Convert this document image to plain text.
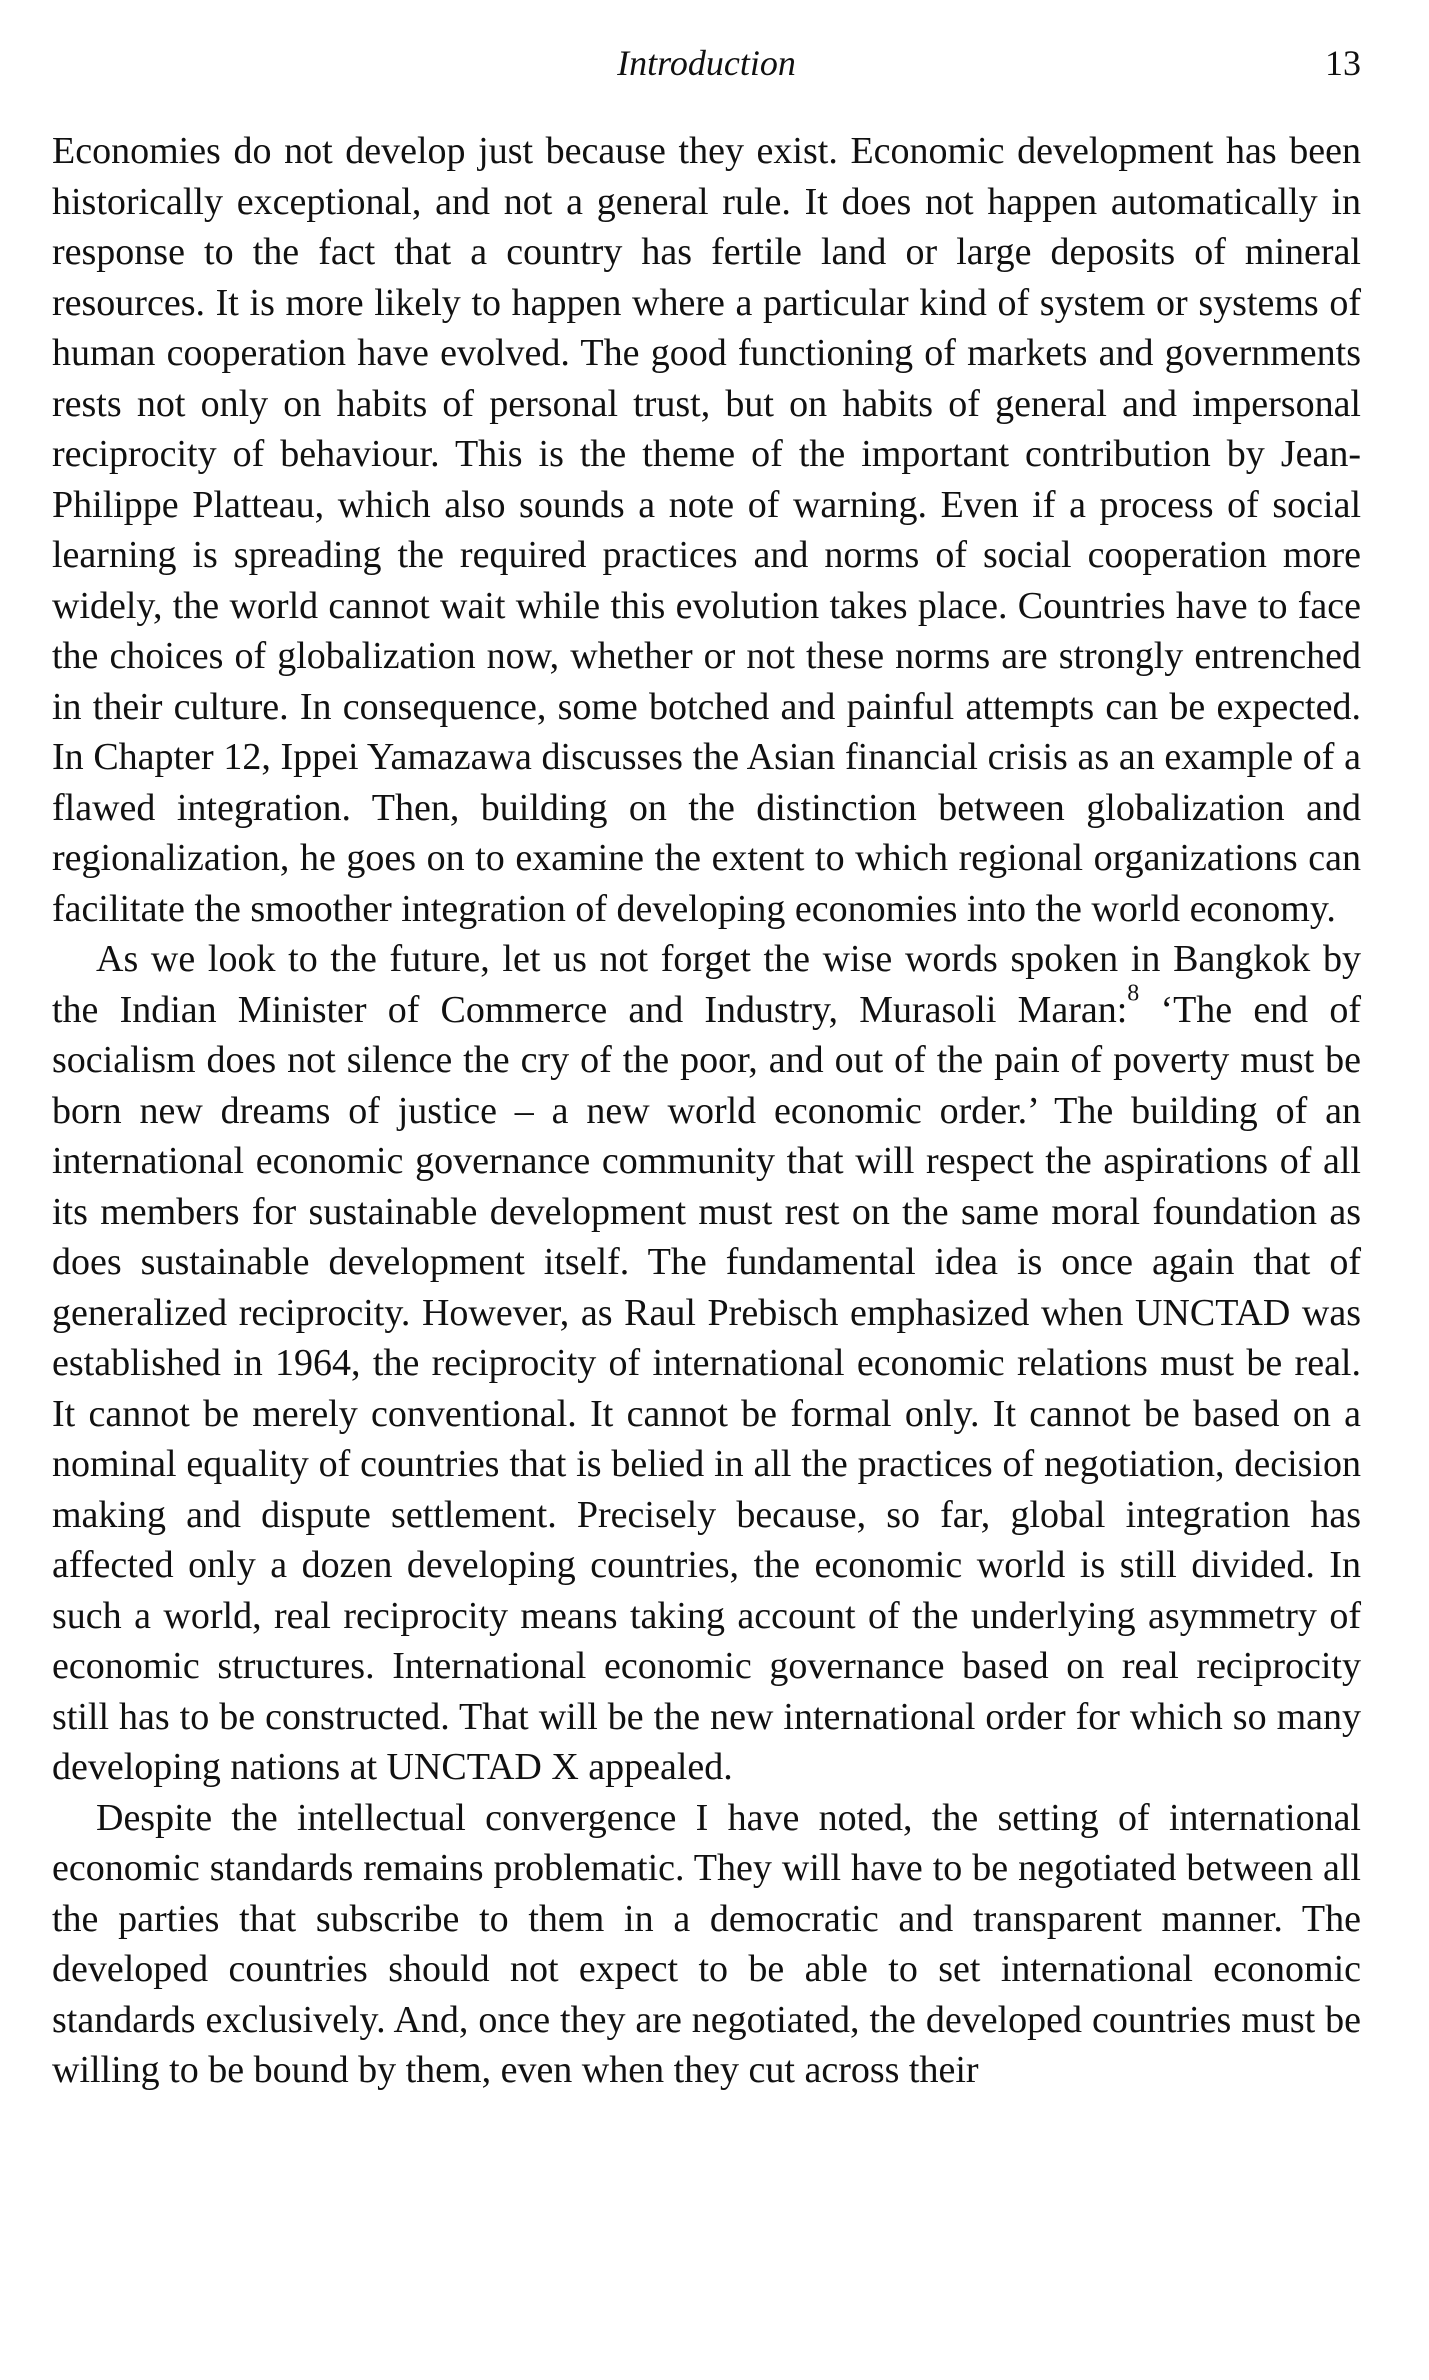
Introduction	13

Economies do not develop just because they exist. Economic development has been historically exceptional, and not a general rule. It does not happen automatically in response to the fact that a country has fertile land or large deposits of mineral resources. It is more likely to happen where a particular kind of system or systems of human cooperation have evolved. The good functioning of markets and governments rests not only on habits of personal trust, but on habits of general and impersonal reciprocity of behaviour. This is the theme of the important contribution by Jean-Philippe Platteau, which also sounds a note of warning. Even if a process of social learning is spreading the required practices and norms of social cooperation more widely, the world cannot wait while this evolution takes place. Countries have to face the choices of globalization now, whether or not these norms are strongly entrenched in their culture. In consequence, some botched and painful attempts can be expected. In Chapter 12, Ippei Yamazawa discusses the Asian financial crisis as an example of a flawed integration. Then, building on the distinction between globalization and regionalization, he goes on to examine the extent to which regional organizations can facilitate the smoother integration of developing economies into the world economy.

As we look to the future, let us not forget the wise words spoken in Bangkok by the Indian Minister of Commerce and Industry, Murasoli Maran:$^8$ ‘The end of socialism does not silence the cry of the poor, and out of the pain of poverty must be born new dreams of justice – a new world economic order.’ The building of an international economic governance community that will respect the aspirations of all its members for sustainable development must rest on the same moral foundation as does sustainable development itself. The fundamental idea is once again that of generalized reciprocity. However, as Raul Prebisch emphasized when UNCTAD was established in 1964, the reciprocity of international economic relations must be real. It cannot be merely conventional. It cannot be formal only. It cannot be based on a nominal equality of countries that is belied in all the practices of negotiation, decision making and dispute settlement. Precisely because, so far, global integration has affected only a dozen developing countries, the economic world is still divided. In such a world, real reciprocity means taking account of the underlying asymmetry of economic structures. International economic governance based on real reciprocity still has to be constructed. That will be the new international order for which so many developing nations at UNCTAD X appealed.

Despite the intellectual convergence I have noted, the setting of international economic standards remains problematic. They will have to be negotiated between all the parties that subscribe to them in a democratic and transparent manner. The developed countries should not expect to be able to set international economic standards exclusively. And, once they are negotiated, the developed countries must be willing to be bound by them, even when they cut across their
